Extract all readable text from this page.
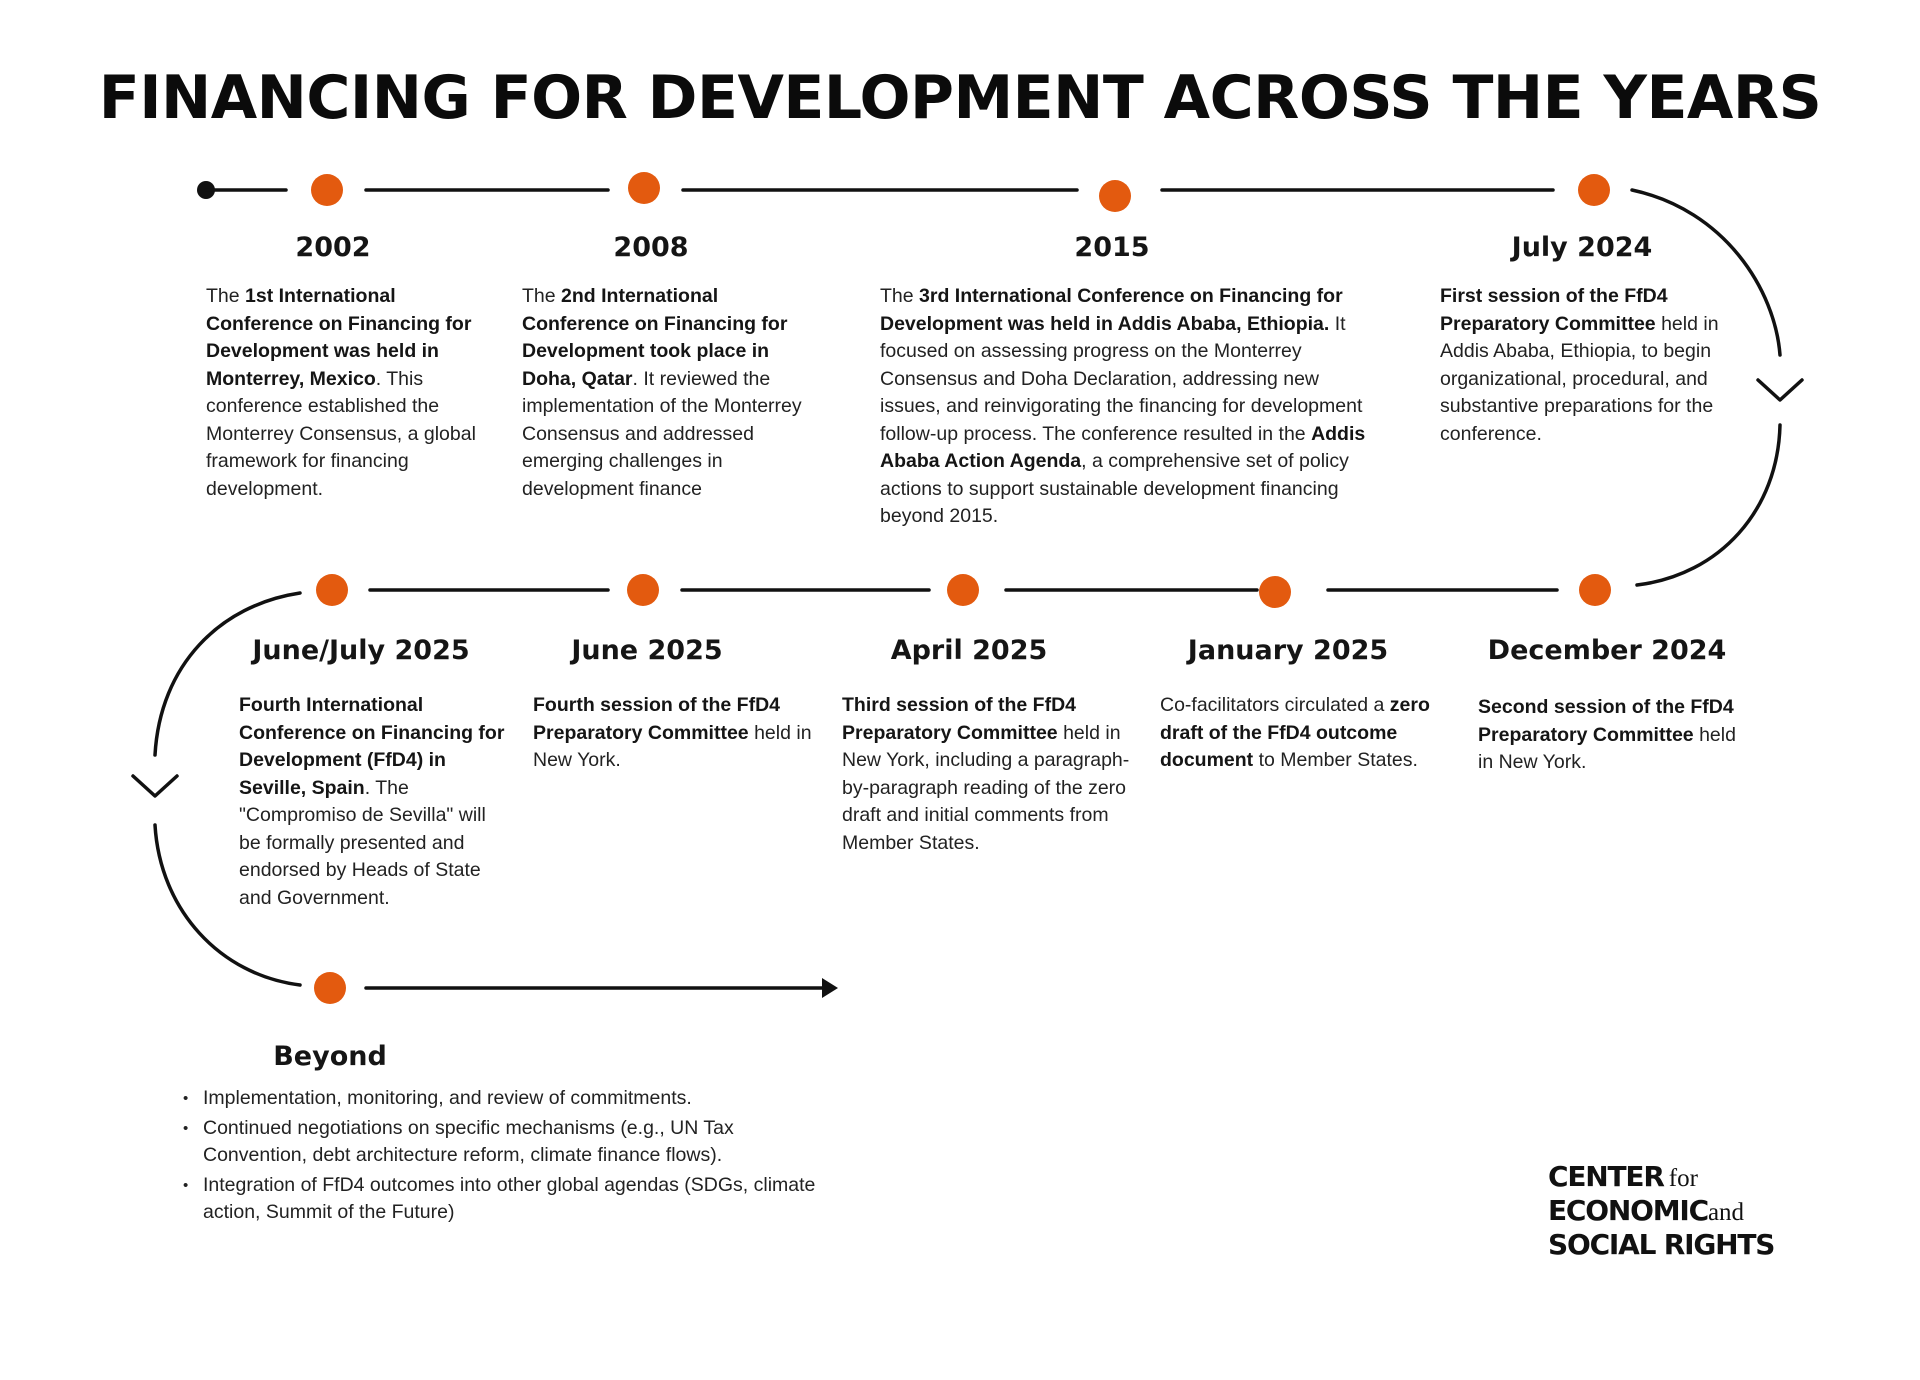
FINANCING FOR DEVELOPMENT ACROSS THE YEARS
2002
The 1st International Conference on Financing for Development was held in Monterrey, Mexico. This conference established the Monterrey Consensus, a global framework for financing development.
2008
The 2nd International Conference on Financing for Development took place in Doha, Qatar. It reviewed the implementation of the Monterrey Consensus and addressed emerging challenges in development finance
2015
The 3rd International Conference on Financing for Development was held in Addis Ababa, Ethiopia. It focused on assessing progress on the Monterrey Consensus and Doha Declaration, addressing new issues, and reinvigorating the financing for development follow-up process. The conference resulted in the Addis Ababa Action Agenda, a comprehensive set of policy actions to support sustainable development financing beyond 2015.
July 2024
First session of the FfD4 Preparatory Committee held in Addis Ababa, Ethiopia, to begin organizational, procedural, and substantive preparations for the conference.
December 2024
Second session of the FfD4 Preparatory Committee held in New York.
January 2025
Co-facilitators circulated a zero draft of the FfD4 outcome document to Member States.
April 2025
Third session of the FfD4 Preparatory Committee held in New York, including a paragraph-by-paragraph reading of the zero draft and initial comments from Member States.
June 2025
Fourth session of the FfD4 Preparatory Committee held in New York.
June/July 2025
Fourth International Conference on Financing for Development (FfD4) in Seville, Spain. The "Compromiso de Sevilla" will be formally presented and endorsed by Heads of State and Government.
Beyond
• Implementation, monitoring, and review of commitments.
• Continued negotiations on specific mechanisms (e.g., UN Tax Convention, debt architecture reform, climate finance flows).
• Integration of FfD4 outcomes into other global agendas (SDGs, climate action, Summit of the Future)
CENTER for
ECONOMICand
SOCIAL RIGHTS
